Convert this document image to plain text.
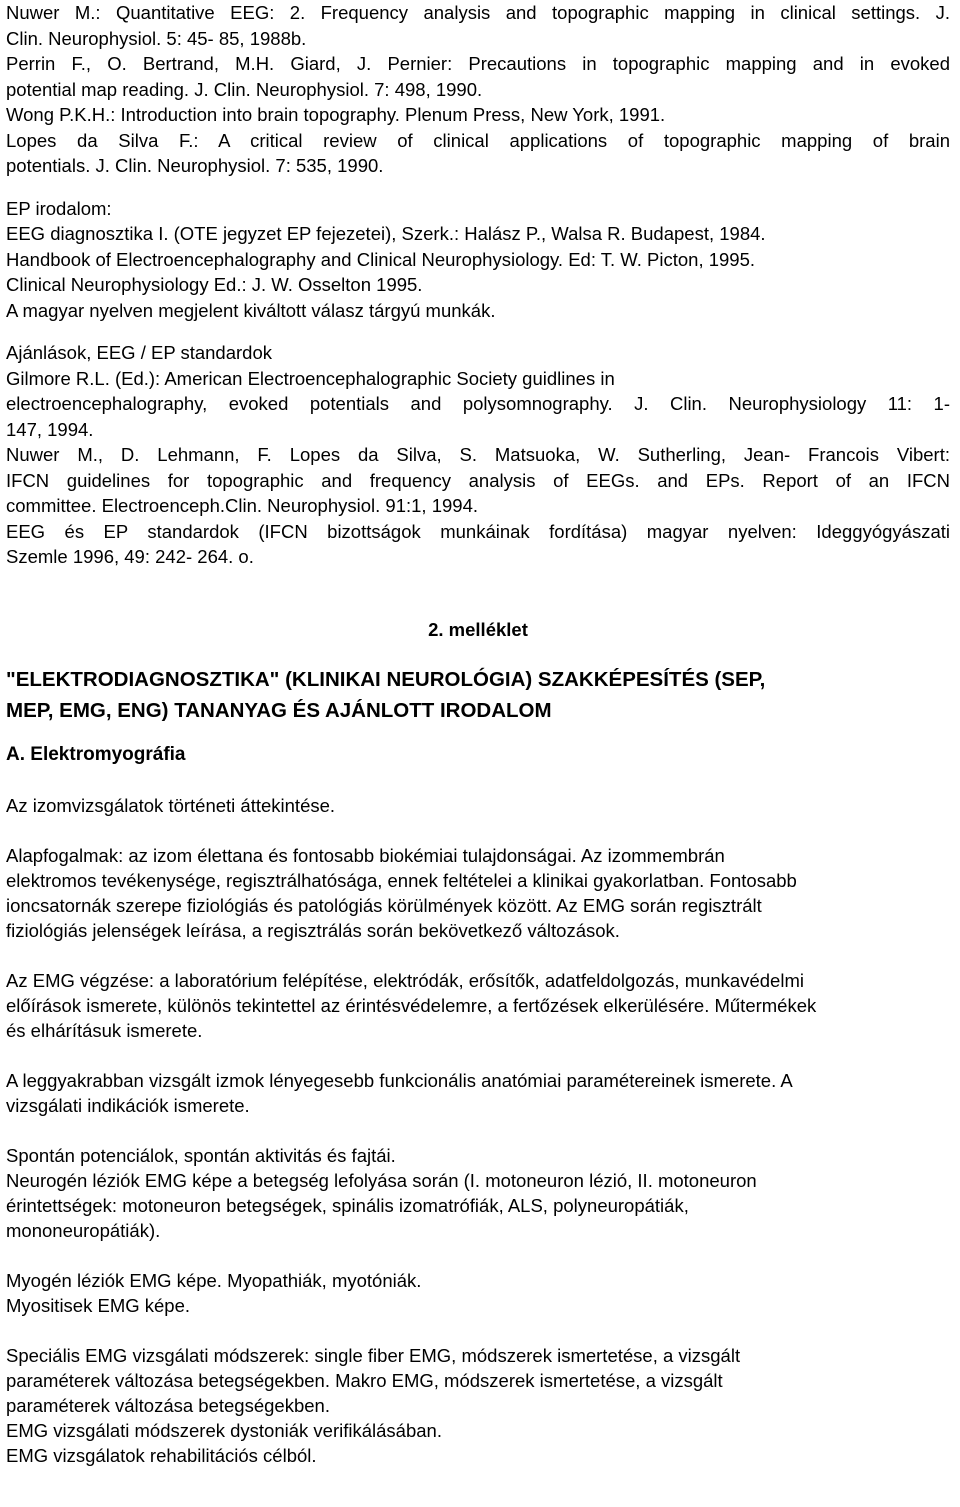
Nuwer M.: Quantitative EEG: 2. Frequency analysis and topographic mapping in clinical settings. J.

Clin. Neurophysiol. 5: 45- 85, 1988b.

Perrin F., O. Bertrand, M.H. Giard, J. Pernier: Precautions in topographic mapping and in evoked

potential map reading. J. Clin. Neurophysiol. 7: 498, 1990.

Wong P.K.H.: Introduction into brain topography. Plenum Press, New York, 1991.

Lopes da Silva F.: A critical review of clinical applications of topographic mapping of brain

potentials. J. Clin. Neurophysiol. 7: 535, 1990.

EP irodalom:

EEG diagnosztika I. (OTE jegyzet EP fejezetei), Szerk.: Halász P., Walsa R. Budapest, 1984.

Handbook of Electroencephalography and Clinical Neurophysiology. Ed: T. W. Picton, 1995.

Clinical Neurophysiology Ed.: J. W. Osselton 1995.

A magyar nyelven megjelent kiváltott válasz tárgyú munkák.

Ajánlások, EEG / EP standardok

Gilmore R.L. (Ed.): American Electroencephalographic Society guidlines in

electroencephalography, evoked potentials and polysomnography. J. Clin. Neurophysiology 11: 1-

147, 1994.

Nuwer M., D. Lehmann, F. Lopes da Silva, S. Matsuoka, W. Sutherling, Jean- Francois Vibert:

IFCN guidelines for topographic and frequency analysis of EEGs. and EPs. Report of an IFCN

committee. Electroenceph.Clin. Neurophysiol. 91:1, 1994.

EEG és EP standardok (IFCN bizottságok munkáinak fordítása) magyar nyelven: Ideggyógyászati

Szemle 1996, 49: 242- 264. o.

2. melléklet

"ELEKTRODIAGNOSZTIKA" (KLINIKAI NEUROLÓGIA) SZAKKÉPESÍTÉS (SEP,

MEP, EMG, ENG) TANANYAG ÉS AJÁNLOTT IRODALOM

A. Elektromyográfia

Az izomvizsgálatok történeti áttekintése.

Alapfogalmak: az izom élettana és fontosabb biokémiai tulajdonságai. Az izommembrán

elektromos tevékenysége, regisztrálhatósága, ennek feltételei a klinikai gyakorlatban. Fontosabb

ioncsatornák szerepe fiziológiás és patológiás körülmények között. Az EMG során regisztrált

fiziológiás jelenségek leírása, a regisztrálás során bekövetkező változások.

Az EMG végzése: a laboratórium felépítése, elektródák, erősítők, adatfeldolgozás, munkavédelmi

előírások ismerete, különös tekintettel az érintésvédelemre, a fertőzések elkerülésére. Műtermékek

és elhárításuk ismerete.

A leggyakrabban vizsgált izmok lényegesebb funkcionális anatómiai paramétereinek ismerete. A

vizsgálati indikációk ismerete.

Spontán potenciálok, spontán aktivitás és fajtái.

Neurogén léziók EMG képe a betegség lefolyása során (I. motoneuron lézió, II. motoneuron

érintettségek: motoneuron betegségek, spinális izomatrófiák, ALS, polyneuropátiák,

mononeuropátiák).

Myogén léziók EMG képe. Myopathiák, myotóniák.

Myositisek EMG képe.

Speciális EMG vizsgálati módszerek: single fiber EMG, módszerek ismertetése, a vizsgált

paraméterek változása betegségekben. Makro EMG, módszerek ismertetése, a vizsgált

paraméterek változása betegségekben.

EMG vizsgálati módszerek dystoniák verifikálásában.

EMG vizsgálatok rehabilitációs célból.
